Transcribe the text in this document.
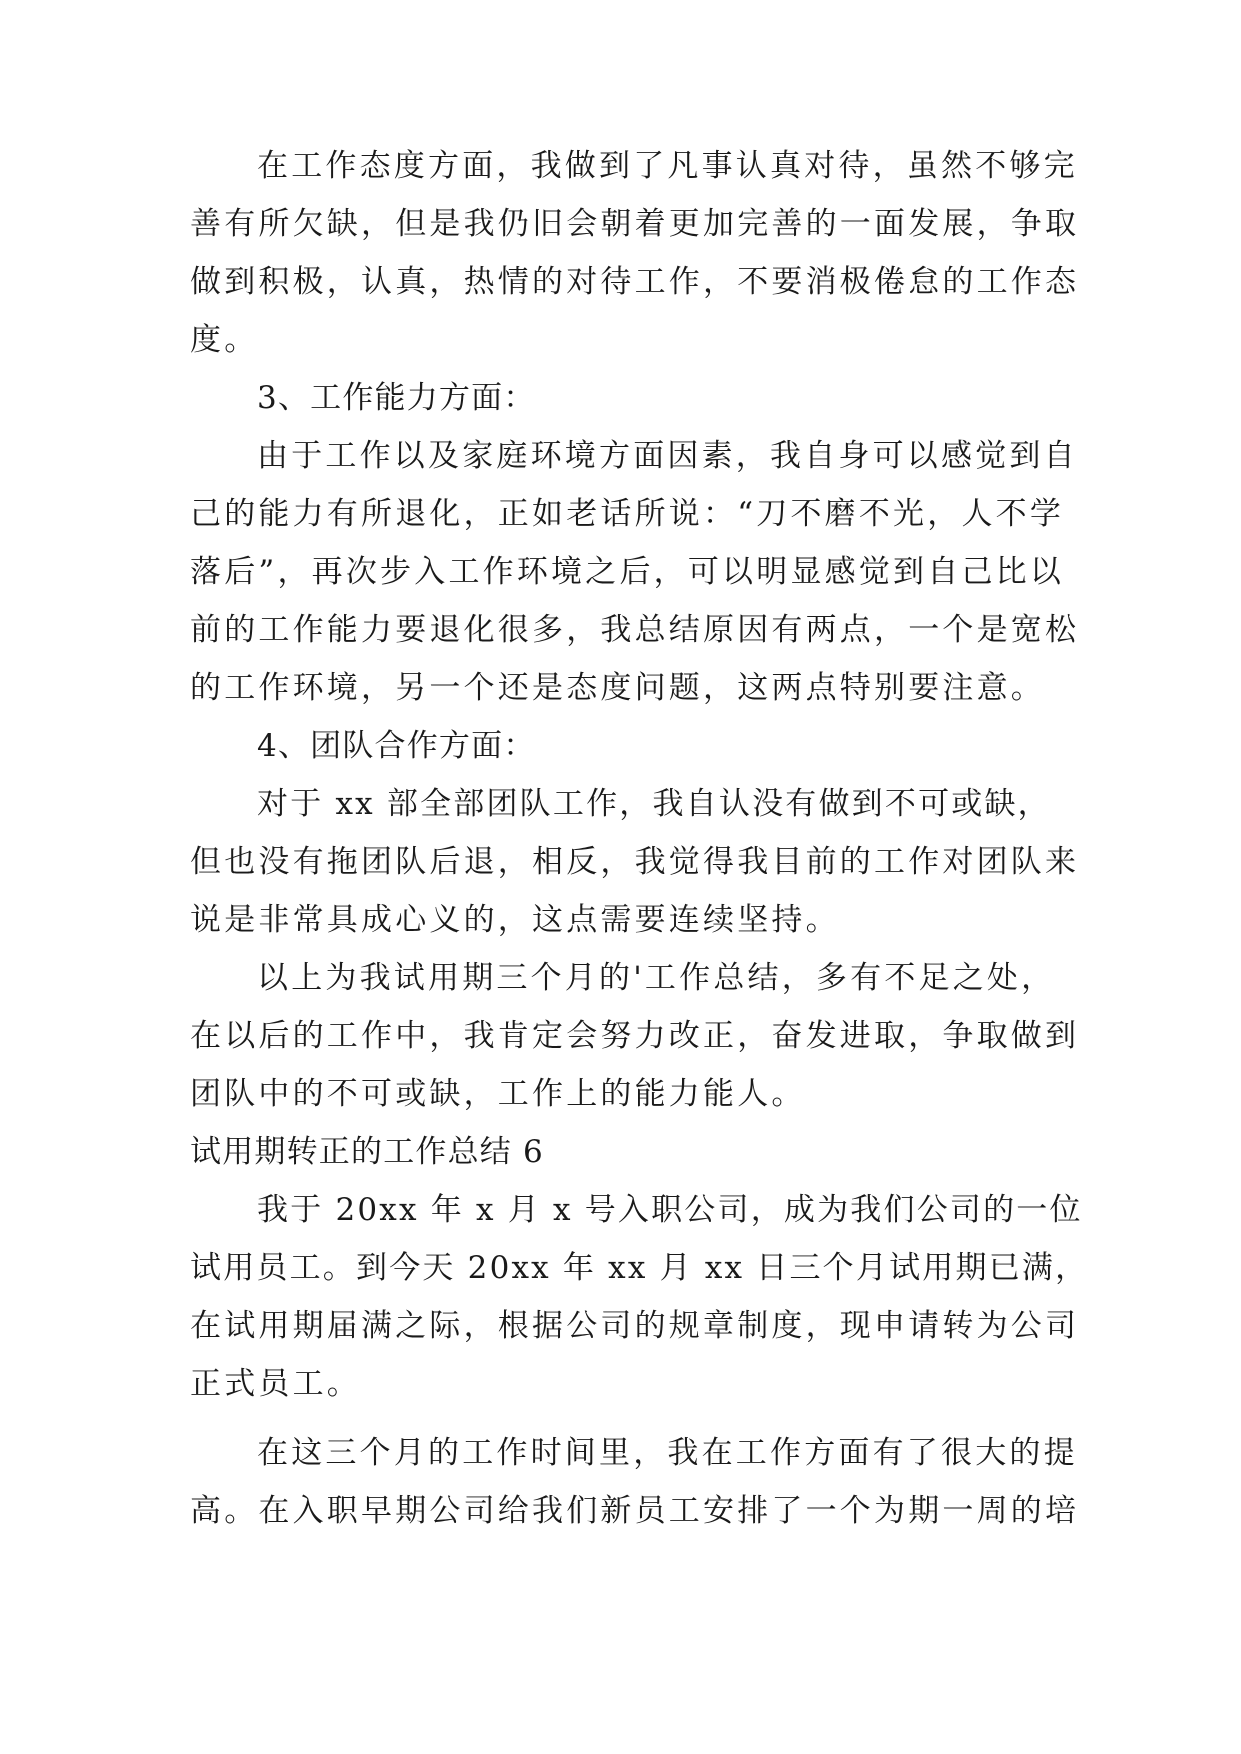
在工作态度方面，我做到了凡事认真对待，虽然不够完
善有所欠缺，但是我仍旧会朝着更加完善的一面发展，争取
做到积极，认真，热情的对待工作，不要消极倦怠的工作态
度。
3、工作能力方面：
由于工作以及家庭环境方面因素，我自身可以感觉到自
己的能力有所退化，正如老话所说：“刀不磨不光，人不学
落后”，再次步入工作环境之后，可以明显感觉到自己比以
前的工作能力要退化很多，我总结原因有两点，一个是宽松
的工作环境，另一个还是态度问题，这两点特别要注意。
4、团队合作方面：
对于 xx 部全部团队工作，我自认没有做到不可或缺，
但也没有拖团队后退，相反，我觉得我目前的工作对团队来
说是非常具成心义的，这点需要连续坚持。
以上为我试用期三个月的'工作总结，多有不足之处，
在以后的工作中，我肯定会努力改正，奋发进取，争取做到
团队中的不可或缺，工作上的能力能人。
试用期转正的工作总结 6
我于 20xx 年 x 月 x 号入职公司，成为我们公司的一位
试用员工。到今天 20xx 年 xx 月 xx 日三个月试用期已满，
在试用期届满之际，根据公司的规章制度，现申请转为公司
正式员工。
在这三个月的工作时间里，我在工作方面有了很大的提
高。在入职早期公司给我们新员工安排了一个为期一周的培
